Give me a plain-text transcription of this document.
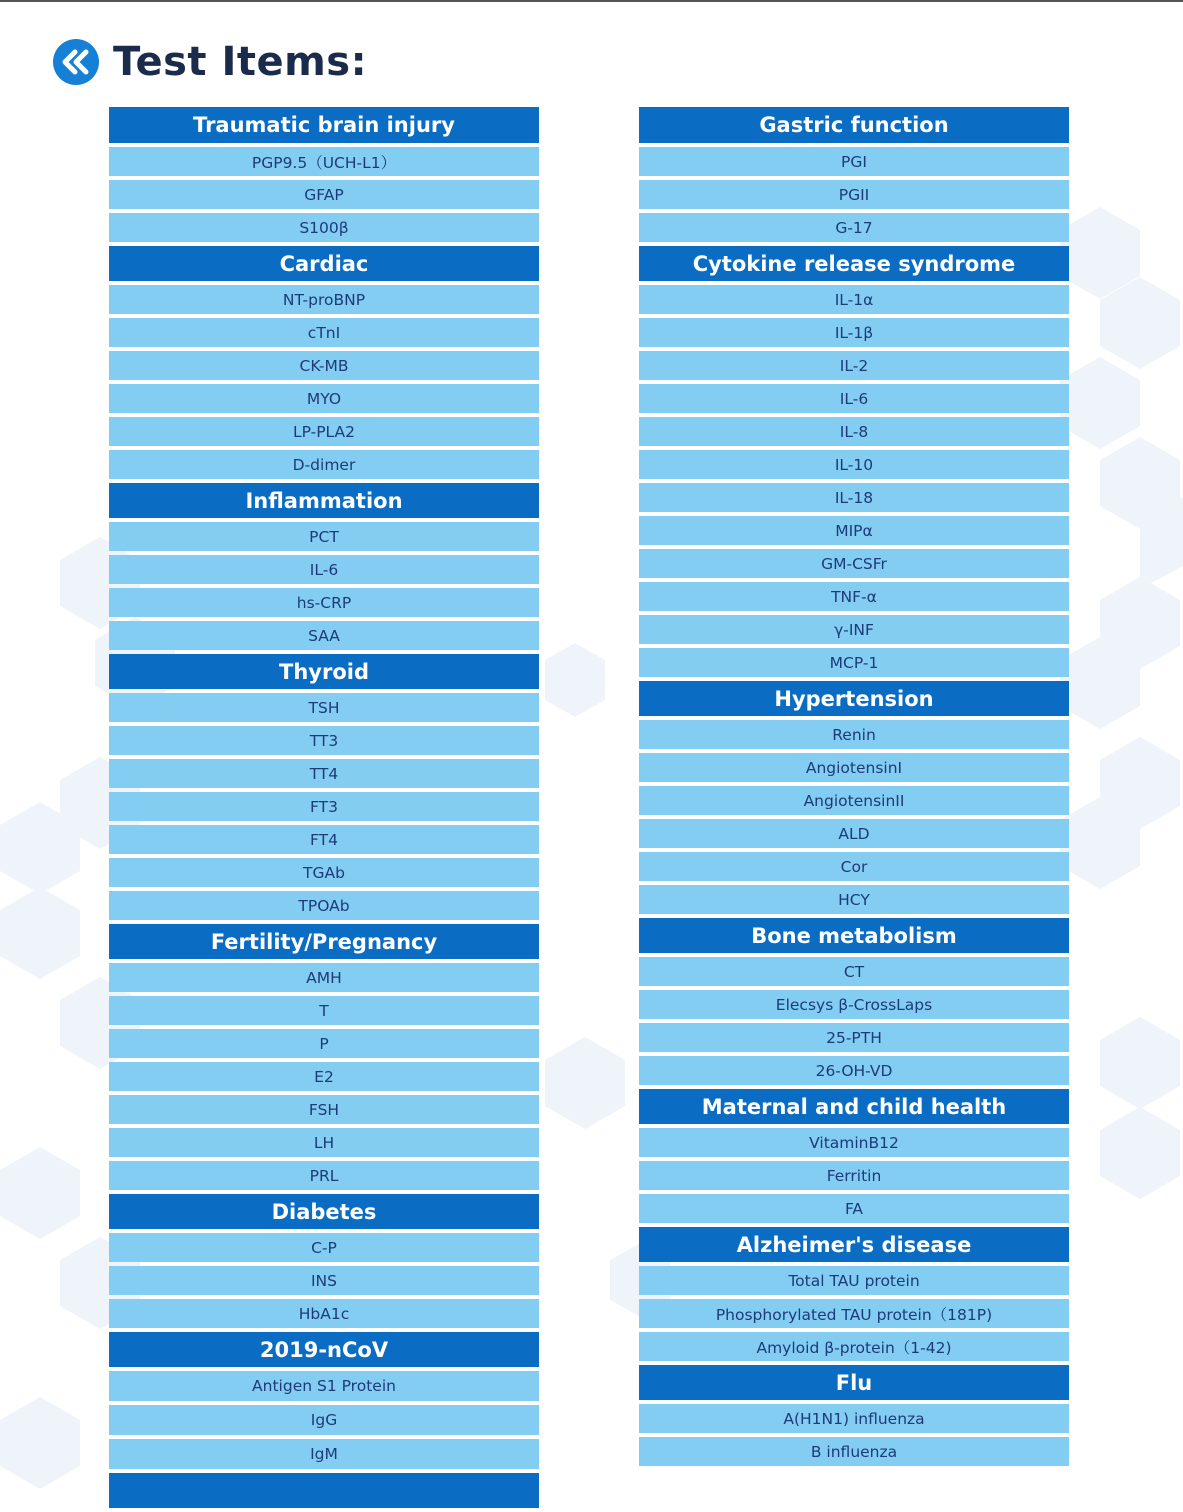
Test Items:
Traumatic brain injury
PGP9.5（UCH-L1）
GFAP
S100β
Cardiac
NT-proBNP
cTnI
CK-MB
MYO
LP-PLA2
D-dimer
Inflammation
PCT
IL-6
hs-CRP
SAA
Thyroid
TSH
TT3
TT4
FT3
FT4
TGAb
TPOAb
Fertility/Pregnancy
AMH
T
P
E2
FSH
LH
PRL
Diabetes
C-P
INS
HbA1c
2019-nCoV
Antigen S1 Protein
IgG
IgM
Gastric function
PGI
PGII
G-17
Cytokine release syndrome
IL-1α
IL-1β
IL-2
IL-6
IL-8
IL-10
IL-18
MIPα
GM-CSFr
TNF-α
γ-INF
MCP-1
Hypertension
Renin
AngiotensinI
AngiotensinII
ALD
Cor
HCY
Bone metabolism
CT
Elecsys β-CrossLaps
25-PTH
26-OH-VD
Maternal and child health
VitaminB12
Ferritin
FA
Alzheimer's disease
Total TAU protein
Phosphorylated TAU protein（181P)
Amyloid β-protein（1-42)
Flu
A(H1N1) influenza
B influenza
